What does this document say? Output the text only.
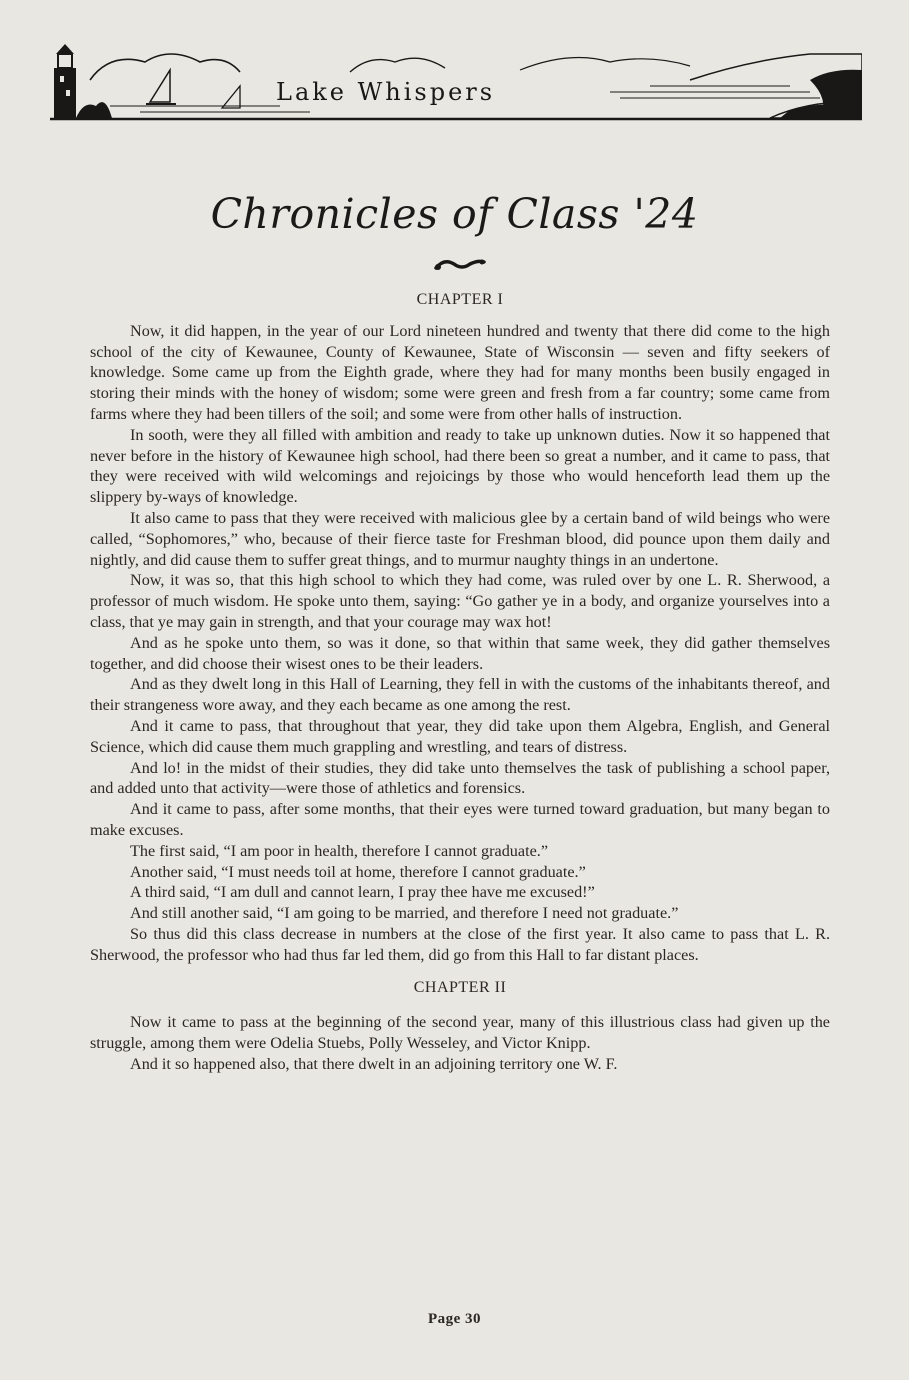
Lake Whispers
Chronicles of Class '24
CHAPTER I

Now, it did happen, in the year of our Lord nineteen hundred and twenty that there did come to the high school of the city of Kewaunee, County of Kewaunee, State of Wisconsin — seven and fifty seekers of knowledge. Some came up from the Eighth grade, where they had for many months been busily engaged in storing their minds with the honey of wisdom; some were green and fresh from a far country; some came from farms where they had been tillers of the soil; and some were from other halls of instruction.

In sooth, were they all filled with ambition and ready to take up unknown duties. Now it so happened that never before in the history of Kewaunee high school, had there been so great a number, and it came to pass, that they were received with wild welcomings and rejoicings by those who would henceforth lead them up the slippery by-ways of knowledge.

It also came to pass that they were received with malicious glee by a certain band of wild beings who were called, “Sophomores,” who, because of their fierce taste for Freshman blood, did pounce upon them daily and nightly, and did cause them to suffer great things, and to murmur naughty things in an undertone.

Now, it was so, that this high school to which they had come, was ruled over by one L. R. Sherwood, a professor of much wisdom. He spoke unto them, saying: “Go gather ye in a body, and organize yourselves into a class, that ye may gain in strength, and that your courage may wax hot!

And as he spoke unto them, so was it done, so that within that same week, they did gather themselves together, and did choose their wisest ones to be their leaders.

And as they dwelt long in this Hall of Learning, they fell in with the customs of the inhabitants thereof, and their strangeness wore away, and they each became as one among the rest.

And it came to pass, that throughout that year, they did take upon them Algebra, English, and General Science, which did cause them much grappling and wrestling, and tears of distress.

And lo! in the midst of their studies, they did take unto themselves the task of publishing a school paper, and added unto that activity—were those of athletics and forensics.

And it came to pass, after some months, that their eyes were turned toward graduation, but many began to make excuses.

The first said, “I am poor in health, therefore I cannot graduate.”

Another said, “I must needs toil at home, therefore I cannot graduate.”

A third said, “I am dull and cannot learn, I pray thee have me excused!”

And still another said, “I am going to be married, and therefore I need not graduate.”

So thus did this class decrease in numbers at the close of the first year. It also came to pass that L. R. Sherwood, the professor who had thus far led them, did go from this Hall to far distant places.

CHAPTER II

Now it came to pass at the beginning of the second year, many of this illustrious class had given up the struggle, among them were Odelia Stuebs, Polly Wesseley, and Victor Knipp.

And it so happened also, that there dwelt in an adjoining territory one W. F.

Page 30
